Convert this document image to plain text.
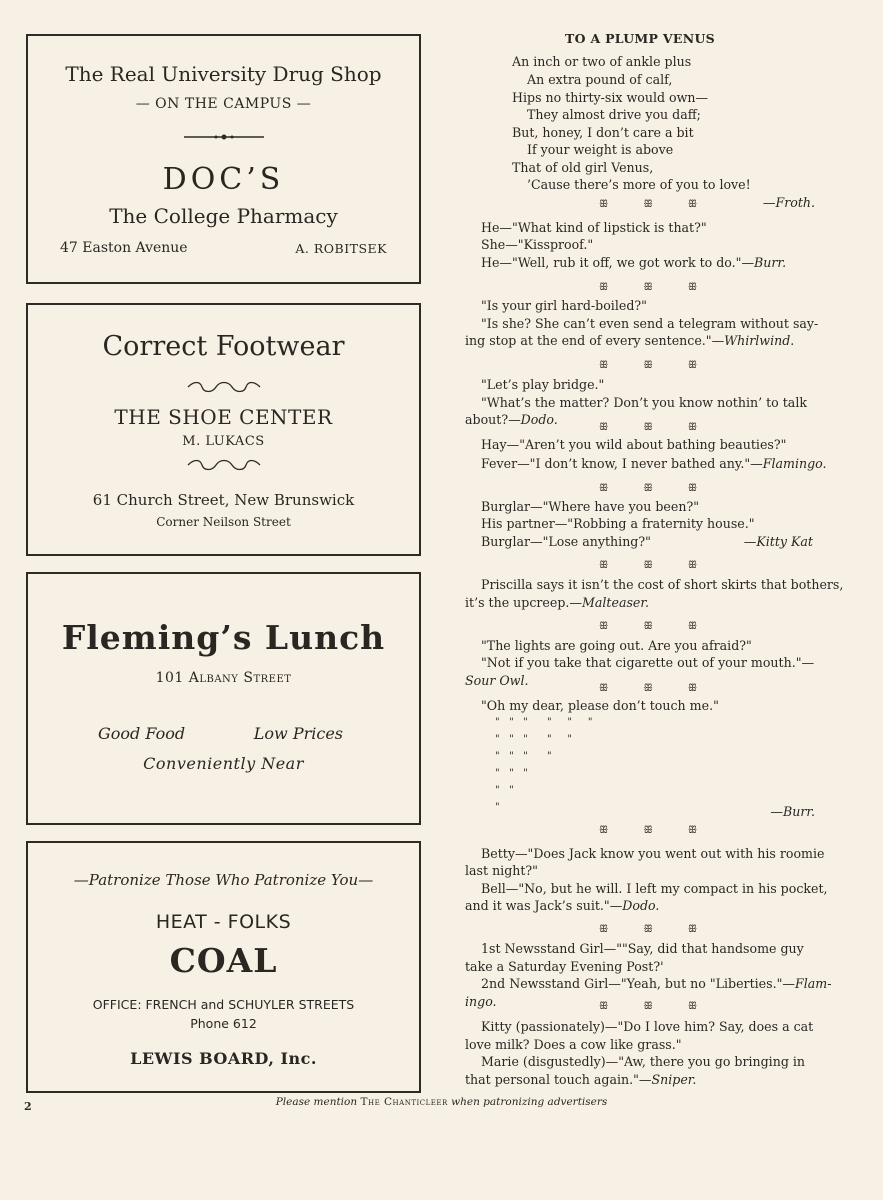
The Real University Drug Shop
— ON THE CAMPUS —
DOC’S
The College Pharmacy
47 Easton Avenue	A. ROBITSEK
Correct Footwear
THE SHOE CENTER
M. LUKACS
61 Church Street, New Brunswick
Corner Neilson Street
Fleming’s Lunch
101 Albany Street
Good Food	Low Prices
Conveniently Near
—Patronize Those Who Patronize You—
HEAT - FOLKS
COAL
OFFICE: FRENCH and SCHUYLER STREETS
Phone 612
LEWIS BOARD, Inc.
TO A PLUMP VENUS
An inch or two of ankle plus
An extra pound of calf,
Hips no thirty-six would own—
They almost drive you daff;
But, honey, I don’t care a bit
If your weight is above
That of old girl Venus,
’Cause there’s more of you to love!
ꕥ ꕥ ꕥ	—Froth.
He—"What kind of lipstick is that?"
She—"Kissproof."
He—"Well, rub it off, we got work to do."—Burr.
ꕥ ꕥ ꕥ
"Is your girl hard-boiled?"
"Is she? She can’t even send a telegram without say-
ing stop at the end of every sentence."—Whirlwind.
ꕥ ꕥ ꕥ
"Let’s play bridge."
"What’s the matter? Don’t you know nothin’ to talk
about?—Dodo.
ꕥ ꕥ ꕥ
Hay—"Aren’t you wild about bathing beauties?"
Fever—"I don’t know, I never bathed any."—Flamingo.
ꕥ ꕥ ꕥ
Burglar—"Where have you been?"
His partner—"Robbing a fraternity house."
Burglar—"Lose anything?"	—Kitty Kat
ꕥ ꕥ ꕥ
Priscilla says it isn’t the cost of short skirts that bothers,
it’s the upcreep.—Malteaser.
ꕥ ꕥ ꕥ
"The lights are going out. Are you afraid?"
"Not if you take that cigarette out of your mouth."—
Sour Owl.
ꕥ ꕥ ꕥ
"Oh my dear, please don’t touch me."
"   "   "      "     "     "
"   "   "      "     "
"   "   "      "
"   "   "
"   "
"	—Burr.
ꕥ ꕥ ꕥ
Betty—"Does Jack know you went out with his roomie
last night?"
Bell—"No, but he will. I left my compact in his pocket,
and it was Jack’s suit."—Dodo.
ꕥ ꕥ ꕥ
1st Newsstand Girl—""Say, did that handsome guy
take a Saturday Evening Post?'
2nd Newsstand Girl—"Yeah, but no "Liberties."—Flam-
ingo.	ꕥ ꕥ ꕥ
Kitty (passionately)—"Do I love him? Say, does a cat
love milk? Does a cow like grass."
Marie (disgustedly)—"Aw, there you go bringing in
that personal touch again."—Sniper.
2	Please mention The Chanticleer when patronizing advertisers
